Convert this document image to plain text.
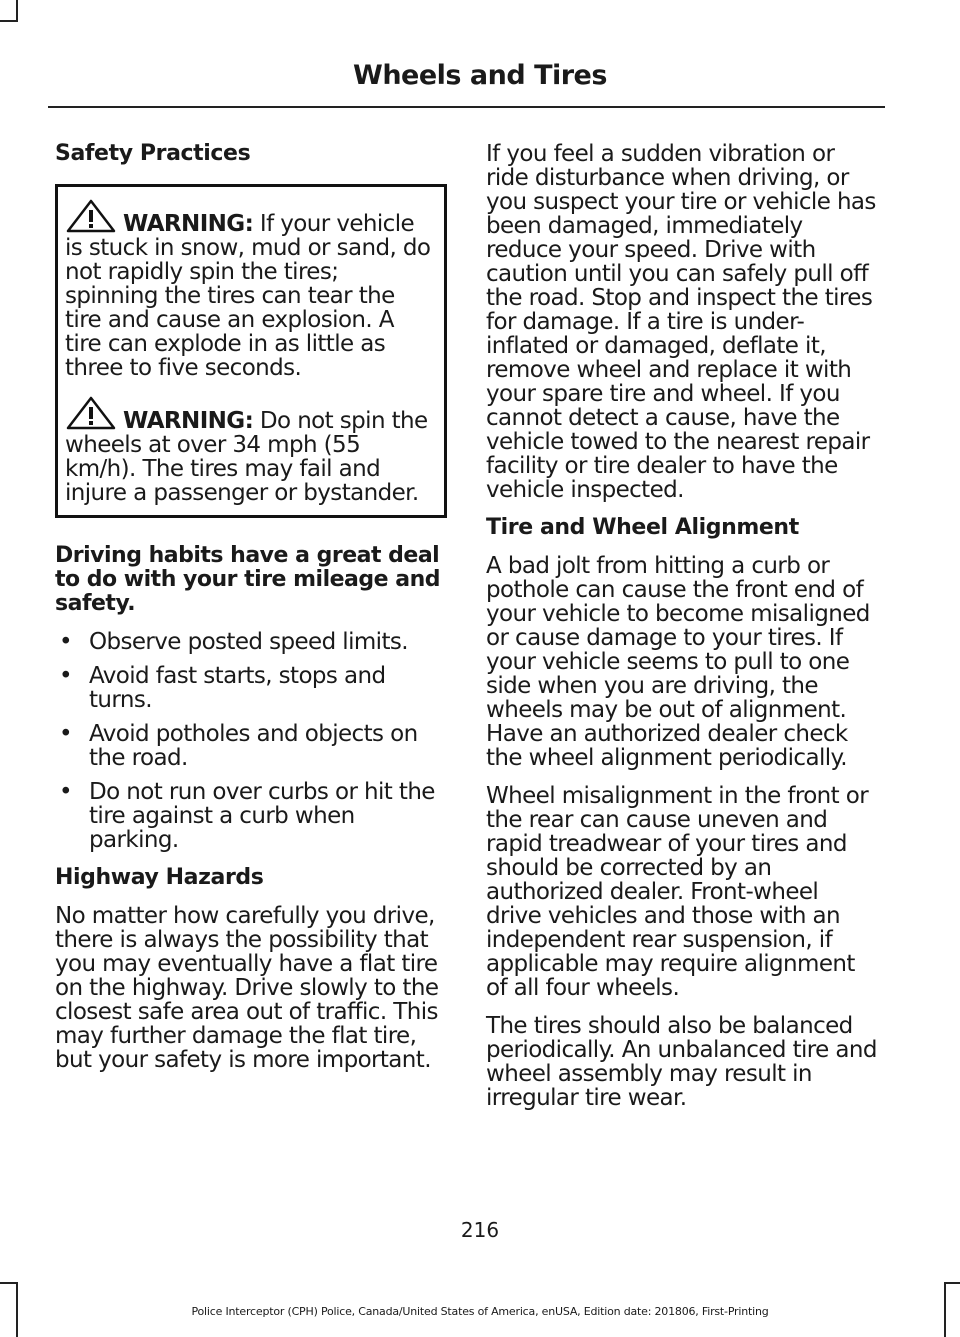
Wheels and Tires
Safety Practices

WARNING: If your vehicle is stuck in snow, mud or sand, do not rapidly spin the tires; spinning the tires can tear the tire and cause an explosion. A tire can explode in as little as three to five seconds.

WARNING: Do not spin the wheels at over 34 mph (55 km/h). The tires may fail and injure a passenger or bystander.

Driving habits have a great deal to do with your tire mileage and safety.
• Observe posted speed limits.
• Avoid fast starts, stops and turns.
• Avoid potholes and objects on the road.
• Do not run over curbs or hit the tire against a curb when parking.
Highway Hazards

No matter how carefully you drive, there is always the possibility that you may eventually have a flat tire on the highway. Drive slowly to the closest safe area out of traffic. This may further damage the flat tire, but your safety is more important.

If you feel a sudden vibration or ride disturbance when driving, or you suspect your tire or vehicle has been damaged, immediately reduce your speed. Drive with caution until you can safely pull off the road. Stop and inspect the tires for damage. If a tire is under-inflated or damaged, deflate it, remove wheel and replace it with your spare tire and wheel. If you cannot detect a cause, have the vehicle towed to the nearest repair facility or tire dealer to have the vehicle inspected.

Tire and Wheel Alignment

A bad jolt from hitting a curb or pothole can cause the front end of your vehicle to become misaligned or cause damage to your tires. If your vehicle seems to pull to one side when you are driving, the wheels may be out of alignment. Have an authorized dealer check the wheel alignment periodically.

Wheel misalignment in the front or the rear can cause uneven and rapid treadwear of your tires and should be corrected by an authorized dealer. Front-wheel drive vehicles and those with an independent rear suspension, if applicable may require alignment of all four wheels.

The tires should also be balanced periodically. An unbalanced tire and wheel assembly may result in irregular tire wear.

216
Police Interceptor (CPH) Police, Canada/United States of America, enUSA, Edition date: 201806, First-Printing
